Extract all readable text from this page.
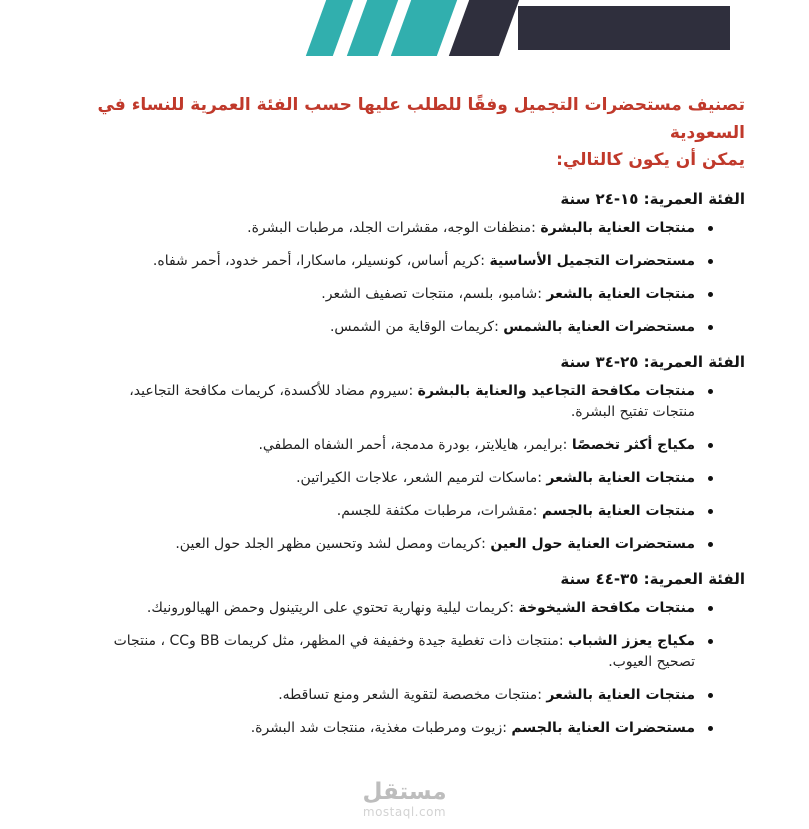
تصنيف مستحضرات التجميل وفقًا للطلب عليها حسب الفئة العمرية للنساء في السعودية
يمكن أن يكون كالتالي:
الفئة العمرية: ١٥-٢٤ سنة
منتجات العناية بالبشرة :منظفات الوجه، مقشرات الجلد، مرطبات البشرة.
مستحضرات التجميل الأساسية :كريم أساس، كونسيلر، ماسكارا، أحمر خدود، أحمر شفاه.
منتجات العناية بالشعر :شامبو، بلسم، منتجات تصفيف الشعر.
مستحضرات العناية بالشمس :كريمات الوقاية من الشمس.
الفئة العمرية: ٢٥-٣٤ سنة
منتجات مكافحة التجاعيد والعناية بالبشرة :سيروم مضاد للأكسدة، كريمات مكافحة التجاعيد، منتجات تفتيح البشرة.
مكياج أكثر تخصصًا :برايمر، هايلايتر، بودرة مدمجة، أحمر الشفاه المطفي.
منتجات العناية بالشعر :ماسكات لترميم الشعر، علاجات الكيراتين.
منتجات العناية بالجسم :مقشرات، مرطبات مكثفة للجسم.
مستحضرات العناية حول العين :كريمات ومصل لشد وتحسين مظهر الجلد حول العين.
الفئة العمرية: ٣٥-٤٤ سنة
منتجات مكافحة الشيخوخة :كريمات ليلية ونهارية تحتوي على الريتينول وحمض الهيالورونيك.
مكياج يعزز الشباب :منتجات ذات تغطية جيدة وخفيفة في المظهر، مثل كريمات BB وCC ، منتجات تصحيح العيوب.
منتجات العناية بالشعر :منتجات مخصصة لتقوية الشعر ومنع تساقطه.
مستحضرات العناية بالجسم :زيوت ومرطبات مغذية، منتجات شد البشرة.
مستقل
mostaql.com
